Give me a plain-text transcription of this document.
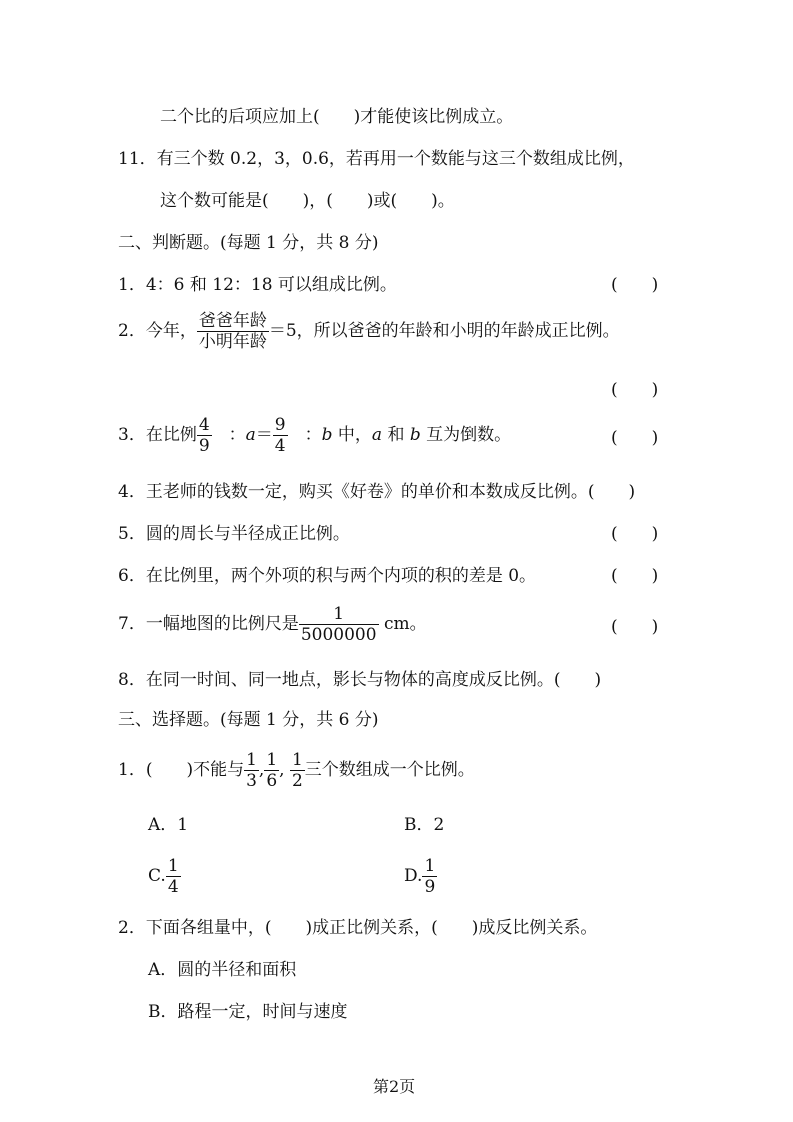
二个比的后项应加上(　　)才能使该比例成立。
11．有三个数 0.2，3，0.6，若再用一个数能与这三个数组成比例，
这个数可能是(　　)，(　　)或(　　)。
二、判断题。(每题 1 分，共 8 分)
1．4：6 和 12：18 可以组成比例。	(　　)
2．今年， 爸爸年龄
小明年龄
＝5，所以爸爸的年龄和小明的年龄成正比例。
(　　)
3．在比例 $\frac{4}{9}$ 　：$a= \frac{9}{4}$ 　：b 中，a 和 b 互为倒数。	(　　)
4．王老师的钱数一定，购买《好卷》的单价和本数成反比例。(　　)
5．圆的周长与半径成正比例。	(　　)
6．在比例里，两个外项的积与两个内项的积的差是 0。	(　　)
7．一幅地图的比例尺是 $\frac{1}{5000000}$ cm。	(　　)
8．在同一时间、同一地点，影长与物体的高度成反比例。(　　)
三、选择题。(每题 1 分，共 6 分)
1．(　　)不能与 $\frac{1}{3}$ , $\frac{1}{6}$ , $\frac{1}{2}$ 三个数组成一个比例。
A．1	B．2
C. $\frac{1}{4}$	D. $\frac{1}{9}$
2．下面各组量中，(　　)成正比例关系，(　　)成反比例关系。
A．圆的半径和面积
B．路程一定，时间与速度
第2页
